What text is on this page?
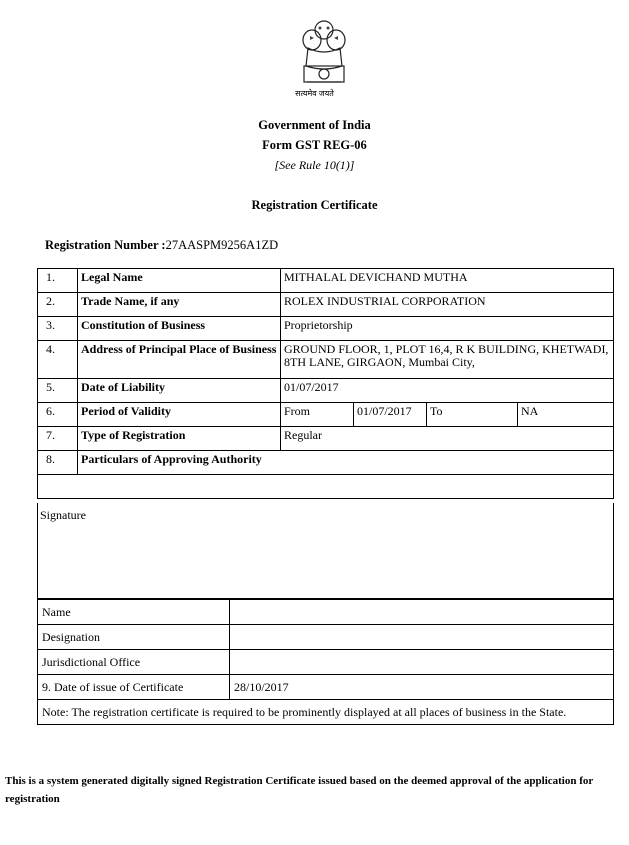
सत्यमेव जयते
Government of India
Form GST REG-06
[See Rule 10(1)]
Registration Certificate
Registration Number :27AASPM9256A1ZD
1.	Legal Name	MITHALAL DEVICHAND MUTHA			
2.	Trade Name, if any	ROLEX INDUSTRIAL CORPORATION			
3.	Constitution of Business	Proprietorship			
4.	Address of Principal Place of Business	GROUND FLOOR, 1, PLOT 16,4, R K BUILDING, KHETWADI, 8TH LANE, GIRGAON, Mumbai City,			
5.	Date of Liability	01/07/2017			
6.	Period of Validity	From	01/07/2017	To	NA
7.	Type of Registration	Regular			
8.	Particulars of Approving Authority				

Signature
Name	
Designation	
Jurisdictional Office	
9. Date of issue of Certificate	28/10/2017
Note: The registration certificate is required to be prominently displayed at all places of business in the State.	
This is a system generated digitally signed Registration Certificate issued based on the deemed approval of the application for registration
